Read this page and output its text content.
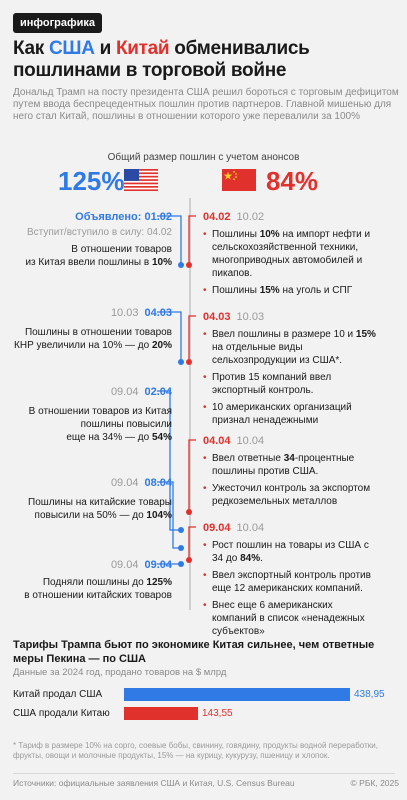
инфографика
Как США и Китай обменивались
пошлинами в торговой войне
Дональд Трамп на посту президента США решил бороться с торговым дефицитом путем ввода беспрецедентных пошлин против партнеров. Главной мишенью для него стал Китай, пошлины в отношении которого уже перевалили за 100%
Общий размер пошлин с учетом анонсов
125%	84%
Объявлено: 01.02
Вступит/вступило в силу: 04.02
В отношении товаров
из Китая ввели пошлины в 10%
10.03 04.03
Пошлины в отношении товаров
КНР увеличили на 10% — до 20%
09.04 02.04
В отношении товаров из Китая
пошлины повысили
еще на 34% — до 54%
09.04 08.04
Пошлины на китайские товары
повысили на 50% — до 104%
09.04 09.04
Подняли пошлины до 125%
в отношении китайских товаров
04.02 10.02
• Пошлины 10% на импорт нефти и сельскохозяйственной техники, многоприводных автомобилей и пикапов.
• Пошлины 15% на уголь и СПГ
04.03 10.03
• Ввел пошлины в размере 10 и 15% на отдельные виды сельхозпродукции из США*.
• Против 15 компаний ввел экспортный контроль.
• 10 американских организаций признал ненадежными
04.04 10.04
• Ввел ответные 34-процентные пошлины против США.
• Ужесточил контроль за экспортом редкоземельных металлов
09.04 10.04
• Рост пошлин на товары из США с 34 до 84%.
• Ввел экспортный контроль против еще 12 американских компаний.
• Внес еще 6 американских компаний в список «ненадежных субъектов»
Тарифы Трампа бьют по экономике Китая сильнее, чем ответные меры Пекина — по США
Данные за 2024 год, продано товаров на $ млрд
Китай продал США	438,95
США продали Китаю	143,55
* Тариф в размере 10% на сорго, соевые бобы, свинину, говядину, продукты водной переработки, фрукты, овощи и молочные продукты, 15% — на курицу, кукурузу, пшеницу и хлопок.
Источники: официальные заявления США и Китая, U.S. Census Bureau	© РБК, 2025
